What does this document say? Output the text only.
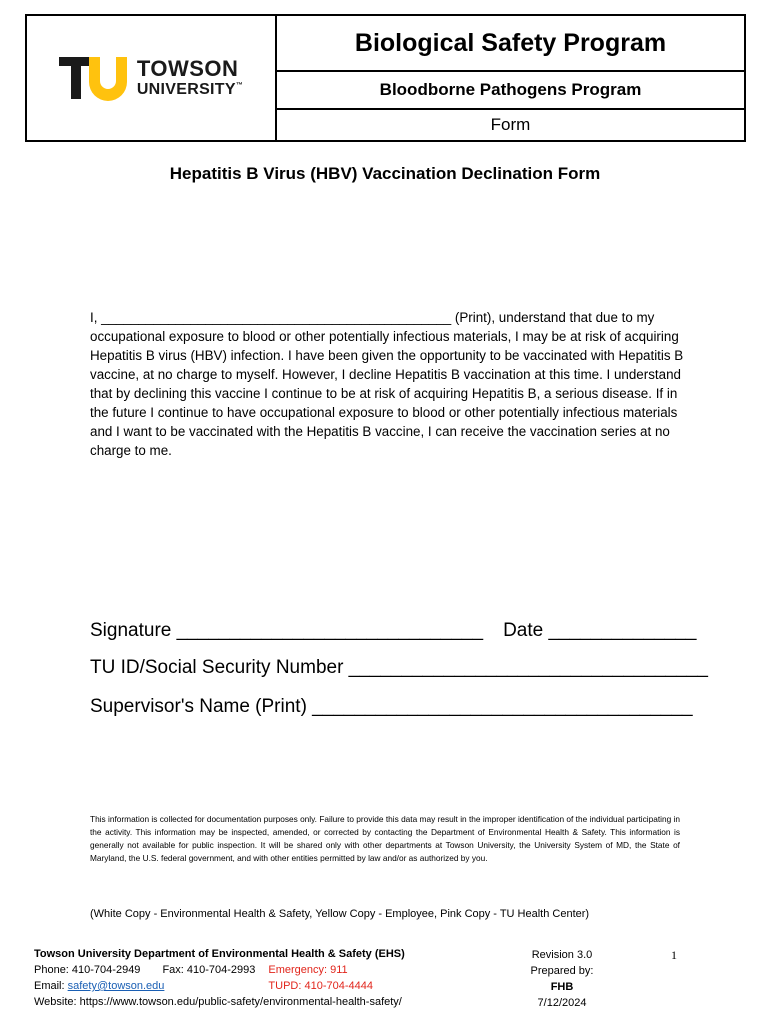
TOWSON
UNIVERSITY™
Biological Safety Program
Bloodborne Pathogens Program
Form
Hepatitis B Virus (HBV) Vaccination Declination Form

I, _______________________________________________ (Print), understand that due to my occupational exposure to blood or other potentially infectious materials, I may be at risk of acquiring Hepatitis B virus (HBV) infection. I have been given the opportunity to be vaccinated with Hepatitis B vaccine, at no charge to myself. However, I decline Hepatitis B vaccination at this time. I understand that by declining this vaccine I continue to be at risk of acquiring Hepatitis B, a serious disease. If in the future I continue to have occupational exposure to blood or other potentially infectious materials and I want to be vaccinated with the Hepatitis B vaccine, I can receive the vaccination series at no charge to me.

Signature _____________________________ Date ______________
TU ID/Social Security Number __________________________________
Supervisor's Name (Print) ____________________________________

This information is collected for documentation purposes only. Failure to provide this data may result in the improper identification of the individual participating in the activity. This information may be inspected, amended, or corrected by contacting the Department of Environmental Health & Safety. This information is generally not available for public inspection. It will be shared only with other departments at Towson University, the University System of MD, the State of Maryland, the U.S. federal government, and with other entities permitted by law and/or as authorized by you.

(White Copy - Environmental Health & Safety, Yellow Copy - Employee, Pink Copy - TU Health Center)
Towson University Department of Environmental Health & Safety (EHS)
Phone: 410-704-2949 Fax: 410-704-2993 Emergency: 911
Email: safety@towson.edu	TUPD: 410-704-4444
Website: https://www.towson.edu/public-safety/environmental-health-safety/
Revision 3.0
Prepared by: FHB
7/12/2024
1
